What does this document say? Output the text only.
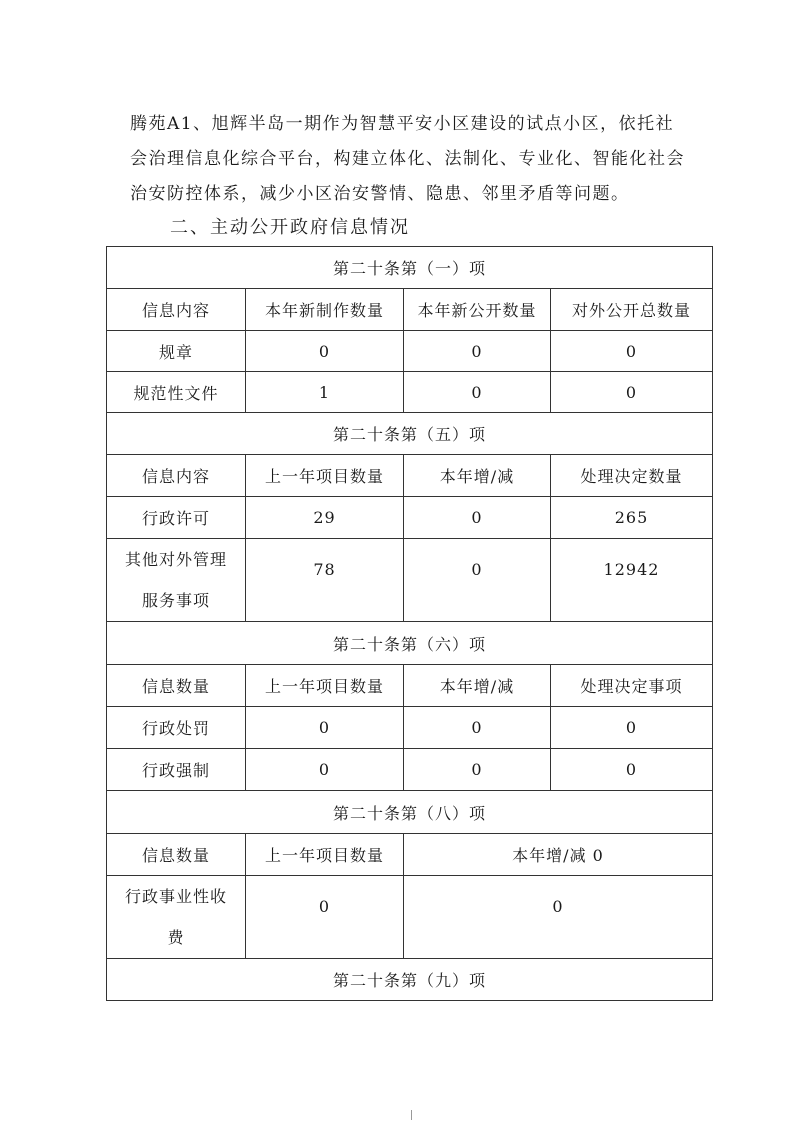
腾苑A1、旭辉半岛一期作为智慧平安小区建设的试点小区，依托社
会治理信息化综合平台，构建立体化、法制化、专业化、智能化社会
治安防控体系，减少小区治安警情、隐患、邻里矛盾等问题。
二、主动公开政府信息情况
第二十条第（一）项			
信息内容	本年新制作数量	本年新公开数量	对外公开总数量
规章	0	0	0
规范性文件	1	0	0
第二十条第（五）项			
信息内容	上一年项目数量	本年增/减	处理决定数量
行政许可	29	0	265
其他对外管理
服务事项	78	0	12942
第二十条第（六）项			
信息数量	上一年项目数量	本年增/减	处理决定事项
行政处罚	0	0	0
行政强制	0	0	0
第二十条第（八）项			
信息数量	上一年项目数量	本年增/减 0	
行政事业性收
费	0	0	
第二十条第（九）项			
